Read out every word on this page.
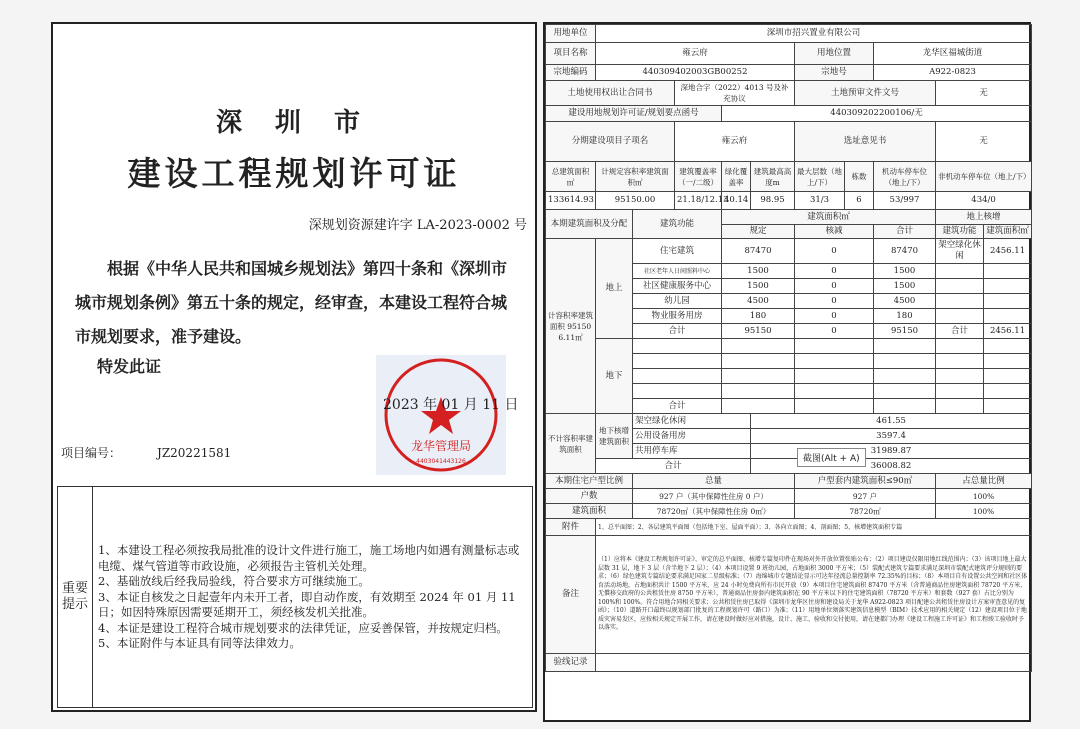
深 圳 市
建设工程规划许可证
深规划资源建许字 LA-2023-0002 号
根据《中华人民共和国城乡规划法》第四十条和《深圳市
城市规划条例》第五十条的规定，经审查，本建设工程符合城
市规划要求，准予建设。
特发此证
龙华管理局
4403041443126
2023 年 01 月 11 日
项目编号：	JZ20221581
重要提示
1、本建设工程必须按我局批准的设计文件进行施工，施工场地内如遇有测量标志或电缆、煤气管道等市政设施，必须报告主管机关处理。
2、基础放线后经我局验线，符合要求方可继续施工。
3、本证自核发之日起壹年内未开工者，即自动作废，有效期至 2024 年 01 月 11 日；如因特殊原因需要延期开工，须经核发机关批准。
4、本证是建设工程符合城市规划要求的法律凭证，应妥善保管，并按规定归档。
5、本证附件与本证具有同等法律效力。
用地单位	深圳市招兴置业有限公司									
项目名称	雍云府					用地位置		龙华区福城街道		
宗地编码	440309402003GB00252					宗地号		A922-0823		
土地使用权出让合同书			深地合字（2022）4013 号及补充协议			土地预审文件文号			无	
建设用地规划许可证/规划要点函号				440309202200106/无						
分期建设项目子项名			雍云府			选址意见书			无	
总建筑面积 ㎡	计规定容积率建筑面积㎡		建筑覆盖率（一/二级）	绿化覆盖率	建筑最高高度m	最大层数（地上/下）	栋数	机动车停车位（地上/下）	非机动车停车位（地上/下）	
133614.93	95150.00		21.18/12.13	40.14	98.95	31/3	6	53/997	434/0	
本期建筑面积及分配		建筑功能		建筑面积㎡					地上核增	
				规定		核减		合计	建筑功能	建筑面积㎡
计容积率建筑面积 95150 6.11㎡	地上	住宅建筑		87470		0		87470	架空绿化休闲	2456.11
		社区老年人日间照料中心		1500		0		1500		
		社区健康服务中心		1500		0		1500		
		幼儿园		4500		0		4500		
		物业服务用房		180		0		180		
		合计		95150		0		95150	合计	2456.11
	地下									

		合计								
不计容积率建筑面积	地下核增建筑面积	架空绿化休闲			461.55					
		公用设备用房			3597.4					
		共用停车库			31989.87					
	合计				36008.82					
本期住宅户型比例		总量				户型套内建筑面积≤90㎡			占总量比例	
户数		927 户（其中保障性住房 0 户）				927 户			100%	
建筑面积		78720㎡（其中保障性住房 0㎡）				78720㎡			100%	
附件	1、总平面图；2、各层建筑平面图（包括地下室、屋面平面）；3、各向立面图；4、剖面图；5、核增建筑面积专篇									
备注	（1）应将本《建设工程规划许可证》、审定的总平面图、核增专篇复印件在现场对外开放位置张贴公布；（2）项目建设仅限用地红线范围内；（3）该项目地上最大层数 31 层，地下 3 层（含半地下 2 层）；（4）本项目设置 9 班幼儿园，占地面积 3000 平方米；（5）装配式建筑专篇要求满足深圳市装配式建筑评分规则的要求；（6）绿色建筑专篇结论要求满足国家二星级标准；（7）海绵城市专题结论显示可达年径流总量控制率 72.35%的目标；（8）本项目自有设置公共空间和社区体育活动场地，占地面积共计 1500 平方米，应 24 小时免费向所有市民开放（9）本项目住宅建筑面积 87470 平方米（含普通商品住房建筑面积 78720 平方米、无償移交政府的公共租赁住房 8750 平方米），普通商品住房套内建筑面积在 90 平方米以下的住宅建筑面积（78720 平方米）和套数（927 套）占比分别为 100%和 100%。符合用地合同相关要求；公共租赁住房已取得《深圳市龙华区住房和建设局关于龙华 A922-0823 项目配建公共租赁住房设计方案审查意见的复函》；（10）道路开口最终以规划部门批复的工程规划许可（路口）为准；（11）用地单位须落实建筑信息模型（BIM）技术应用的相关规定（12）建设项目位于地质灾害易发区，应按相关规定开展工作，请在建设时做好应对措施，设计、施工、验收和交付使用，请在建都门办理《建设工程施工许可证》和工程竣工验收时予以落实。									
验线记录										
截图(Alt + A)
